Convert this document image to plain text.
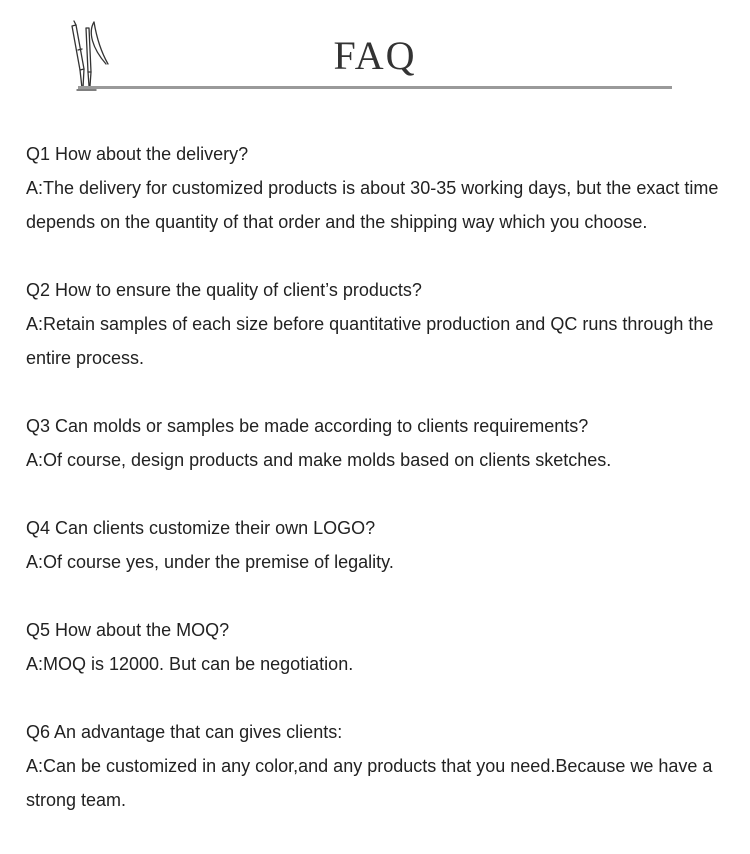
FAQ

Q1 How about the delivery?

A:The delivery for customized products is about 30-35 working days, but the exact time depends on the quantity of that order and the shipping way which you choose.

Q2 How to ensure the quality of client’s products?

A:Retain samples of each size before quantitative production and QC runs through the entire process.

Q3 Can molds or samples be made according to clients requirements?

A:Of course, design products and make molds based on clients sketches.

Q4 Can clients customize their own LOGO?

A:Of course yes, under the premise of legality.

Q5 How about the MOQ?

A:MOQ is 12000. But can be negotiation.

Q6 An advantage that can gives clients:

A:Can be customized in any color,and any products that you need.Because we have a strong team.
